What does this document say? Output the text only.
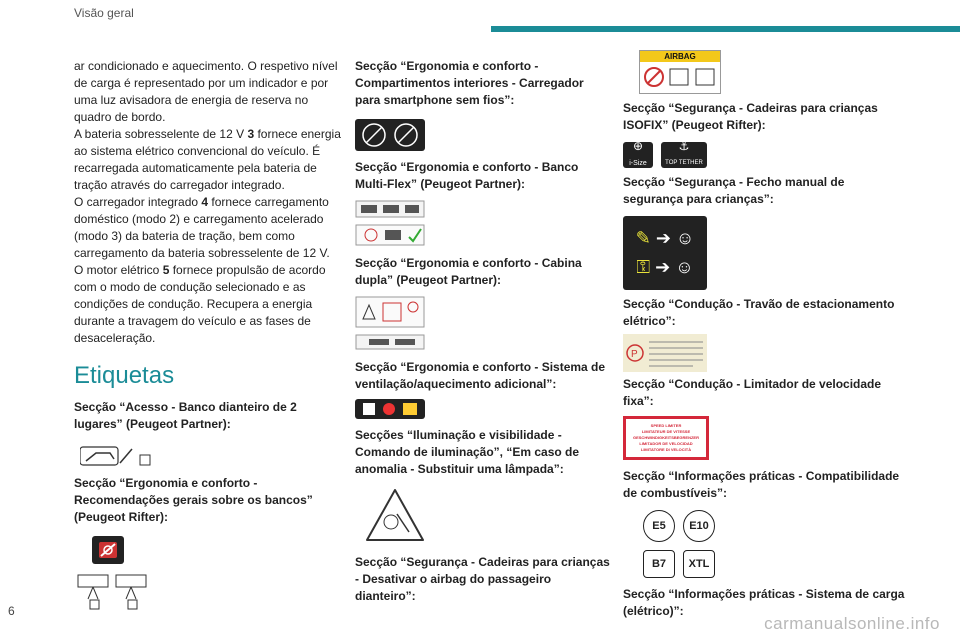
Visão geral

ar condicionado e aquecimento. O respetivo nível de carga é representado por um indicador e por uma luz avisadora de energia de reserva no quadro de bordo.

A bateria sobresselente de 12 V 3 fornece energia ao sistema elétrico convencional do veículo. É recarregada automaticamente pela bateria de tração através do carregador integrado.

O carregador integrado 4 fornece carregamento doméstico (modo 2) e carregamento acelerado (modo 3) da bateria de tração, bem como carregamento da bateria sobresselente de 12 V.

O motor elétrico 5 fornece propulsão de acordo com o modo de condução selecionado e as condições de condução. Recupera a energia durante a travagem do veículo e as fases de desaceleração.

Etiquetas

Secção “Acesso - Banco dianteiro de 2 lugares” (Peugeot Partner):

Secção “Ergonomia e conforto - Recomendações gerais sobre os bancos” (Peugeot Rifter):

Secção “Ergonomia e conforto - Compartimentos interiores - Carregador para smartphone sem fios”:

Secção “Ergonomia e conforto - Banco Multi-Flex” (Peugeot Partner):

Secção “Ergonomia e conforto - Cabina dupla” (Peugeot Partner):

Secção “Ergonomia e conforto - Sistema de ventilação/aquecimento adicional”:

Secções “Iluminação e visibilidade - Comando de iluminação”, “Em caso de anomalia - Substituir uma lâmpada”:

Secção “Segurança - Cadeiras para crianças - Desativar o airbag do passageiro dianteiro”:

AIRBAG

Secção “Segurança - Cadeiras para crianças ISOFIX” (Peugeot Rifter):

⊕
i-Size
⚓
TOP TETHER

Secção “Segurança - Fecho manual de segurança para crianças”:

✎ ➔ ☺
⚿ ➔ ☺

Secção “Condução - Travão de estacionamento elétrico”:

P

Secção “Condução - Limitador de velocidade fixa”:

SPEED LIMITER
LIMITATEUR DE VITESSE
GESCHWINDIGKEITSBEGRENZER
LIMITADOR DE VELOCIDAD
LIMITATORE DI VELOCITÀ

Secção “Informações práticas - Compatibilidade de combustíveis”:

E5	E10
B7	XTL

Secção “Informações práticas - Sistema de carga (elétrico)”:

6
carmanualsonline.info
